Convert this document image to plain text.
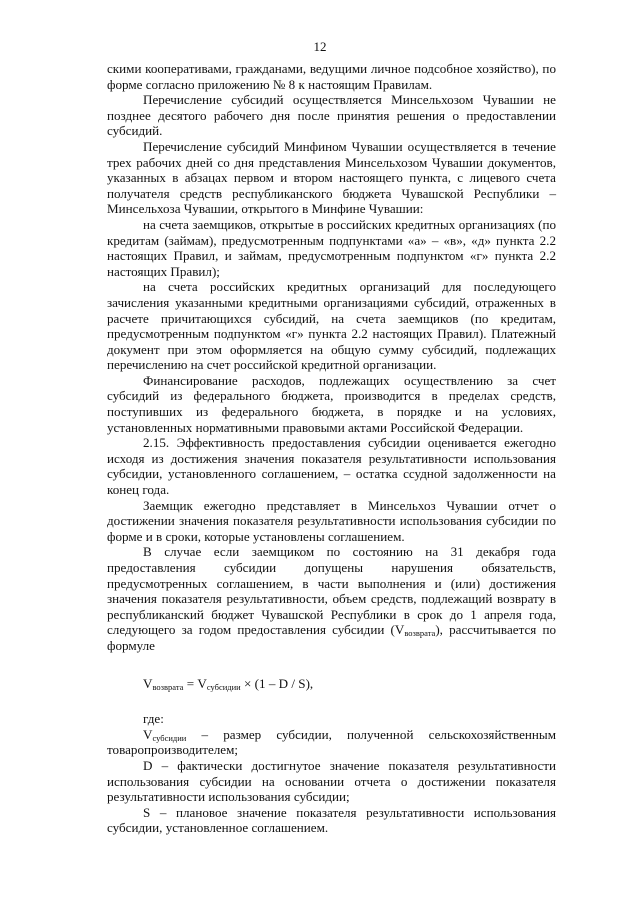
12

скими кооперативами, гражданами, ведущими личное подсобное хозяйство), по форме согласно приложению № 8 к настоящим Правилам.

Перечисление субсидий осуществляется Минсельхозом Чувашии не позднее десятого рабочего дня после принятия решения о предоставлении субсидий.

Перечисление субсидий Минфином Чувашии осуществляется в течение трех рабочих дней со дня представления Минсельхозом Чувашии документов, указанных в абзацах первом и втором настоящего пункта, с лицевого счета получателя средств республиканского бюджета Чувашской Республики – Минсельхоза Чувашии, открытого в Минфине Чувашии:

на счета заемщиков, открытые в российских кредитных организациях (по кредитам (займам), предусмотренным подпунктами «а» – «в», «д» пункта 2.2 настоящих Правил, и займам, предусмотренным подпунктом «г» пункта 2.2 настоящих Правил);

на счета российских кредитных организаций для последующего зачисления указанными кредитными организациями субсидий, отраженных в расчете причитающихся субсидий, на счета заемщиков (по кредитам, предусмотренным подпунктом «г» пункта 2.2 настоящих Правил). Платежный документ при этом оформляется на общую сумму субсидий, подлежащих перечислению на счет российской кредитной организации.

Финансирование расходов, подлежащих осуществлению за счет субсидий из федерального бюджета, производится в пределах средств, поступивших из федерального бюджета, в порядке и на условиях, установленных нормативными правовыми актами Российской Федерации.

2.15. Эффективность предоставления субсидии оценивается ежегодно исходя из достижения значения показателя результативности использования субсидии, установленного соглашением, – остатка ссудной задолженности на конец года.

Заемщик ежегодно представляет в Минсельхоз Чувашии отчет о достижении значения показателя результативности использования субсидии по форме и в сроки, которые установлены соглашением.

В случае если заемщиком по состоянию на 31 декабря года предоставления субсидии допущены нарушения обязательств, предусмотренных соглашением, в части выполнения и (или) достижения значения показателя результативности, объем средств, подлежащий возврату в республиканский бюджет Чувашской Республики в срок до 1 апреля года, следующего за годом предоставления субсидии $(V_{возврата})$, рассчитывается по формуле

$V_{возврата} = V_{субсидии} \times (1 - D / S)$,

где:

$V_{субсидии}$ – размер субсидии, полученной сельскохозяйственным товаропроизводителем;

D – фактически достигнутое значение показателя результативности использования субсидии на основании отчета о достижении показателя результативности использования субсидии;

S – плановое значение показателя результативности использования субсидии, установленное соглашением.
